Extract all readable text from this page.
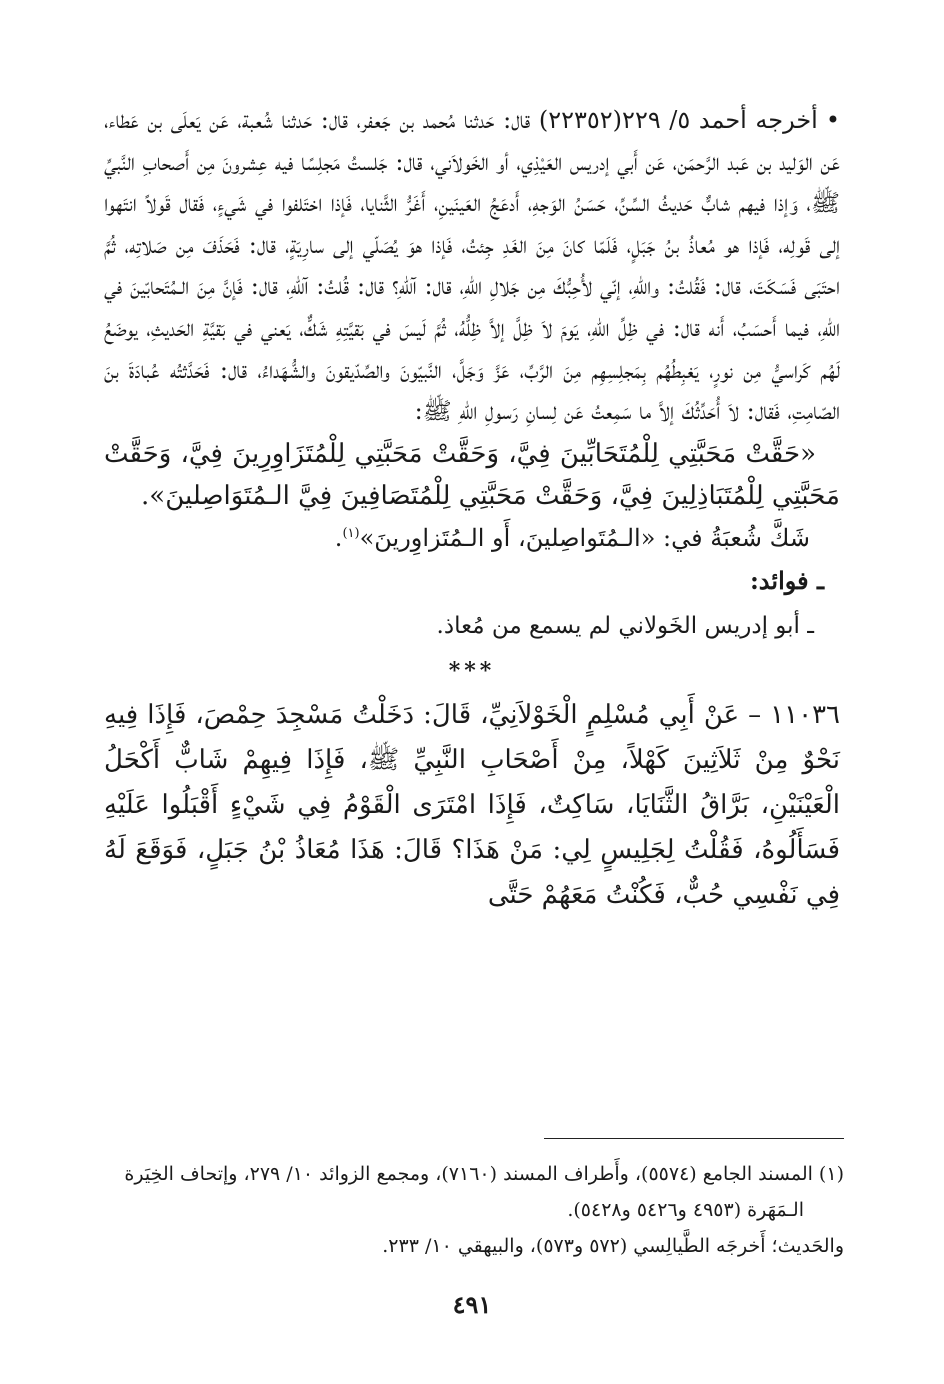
•أخرجه أحمد ٥/ ٢٢٩(٢٢٣٥٢) قال: حَدثنا مُحمد بن جَعفر، قال: حَدثنا شُعبة، عَن يَعلَى بن عَطاء، عَن الوَليد بن عَبد الرَّحمَن، عَن أَبي إدريس العَيْذِي، أو الخَولاَني، قال: جَلستُ مَجلِسًا فيه عِشرونَ مِن أَصحابِ النَّبيِّ ﷺ، وَإذا فيهم شابٌّ حَديثُ السِّنِّ، حَسَنُ الوَجهِ، أَدعَجُ العَينَينِ، أَغَرُّ الثَّنايا، فَإذا اختَلفوا في شَيءٍ، فَقال قَولاً انتَهوا إلى قَولِه، فَإذا هو مُعاذُ بنُ جَبَلٍ، فَلَمّا كانَ مِنَ الغَدِ جِئتُ، فَإذا هوَ يُصَلّي إلى سارِيَةٍ، قال: فَحَذَفَ مِن صَلاتِه، ثُمَّ احتَبَى فَسَكَتَ، قال: فَقُلتُ: واللهِ، إنّي لأُحِبُّكَ مِن جَلالِ اللهِ، قال: آللهِ؟ قال: قُلتُ: آللهِ، قال: فَإنَّ مِنَ الـمُتَحابّينَ في اللهِ، فيما أَحسَبُ، أَنه قال: في ظِلِّ اللهِ، يَومَ لاَ ظِلَّ إلاَّ ظِلُّهُ، ثُمَّ لَيسَ في بَقيَّتِهِ شَكٌّ، يَعني في بَقيَّةِ الحَديثِ، يوضَعُ لَهُم كَراسيُّ مِن نورٍ، يَغبِطُهُم بِمَجلِسِهِم مِنَ الرَّبِّ، عَزَّ وَجَلَّ، النَّبيّونَ والصِّدّيقونَ والشُّهَداءُ، قال: فَحَدَّثتُه عُبادَةَ بنَ الصّامِتِ، فَقال: لاَ أُحَدِّثُكَ إلاَّ ما سَمِعتُ عَن لِسانِ رَسولِ اللهِ ﷺ:

«حَقَّتْ مَحَبَّتِي لِلْمُتَحَابِّينَ فِيَّ، وَحَقَّتْ مَحَبَّتِي لِلْمُتَزَاوِرِينَ فِيَّ، وَحَقَّتْ مَحَبَّتِي لِلْمُتَبَاذِلِينَ فِيَّ، وَحَقَّتْ مَحَبَّتِي لِلْمُتَصَافِينَ فِيَّ الـمُتَوَاصِلينَ».

شَكَّ شُعبَةُ في: «الـمُتَواصِلينَ، أَو الـمُتَزاوِرينَ»$^{(١)}$.

ـ فوائد:

ـ أبو إدريس الخَولاني لم يسمع من مُعاذ.

***

١١٠٣٦ – عَنْ أَبِي مُسْلِمٍ الْخَوْلاَنِيِّ، قَالَ: دَخَلْتُ مَسْجِدَ حِمْصَ، فَإِذَا فِيهِ نَحْوٌ مِنْ ثَلاَثِينَ كَهْلاً، مِنْ أَصْحَابِ النَّبِيِّ ﷺ، فَإِذَا فِيهِمْ شَابٌّ أَكْحَلُ الْعَيْنَيْنِ، بَرَّاقُ الثَّنَايَا، سَاكِتٌ، فَإِذَا امْتَرَى الْقَوْمُ فِي شَيْءٍ أَقْبَلُوا عَلَيْهِ فَسَأَلُوهُ، فَقُلْتُ لِجَلِيسٍ لِي: مَنْ هَذَا؟ قَالَ: هَذَا مُعَاذُ بْنُ جَبَلٍ، فَوَقَعَ لَهُ فِي نَفْسِي حُبٌّ، فَكُنْتُ مَعَهُمْ حَتَّى

(١) المسند الجامع (٥٥٧٤)، وأَطراف المسند (٧١٦٠)، ومجمع الزوائد ١٠/ ٢٧٩، وإتحاف الخِيَرة

الـمَهَرة (٤٩٥٣ و٥٤٢٦ و٥٤٢٨).

والحَديث؛ أَخرجَه الطَّيالِسي (٥٧٢ و٥٧٣)، والبيهقي ١٠/ ٢٣٣.

٤٩١
